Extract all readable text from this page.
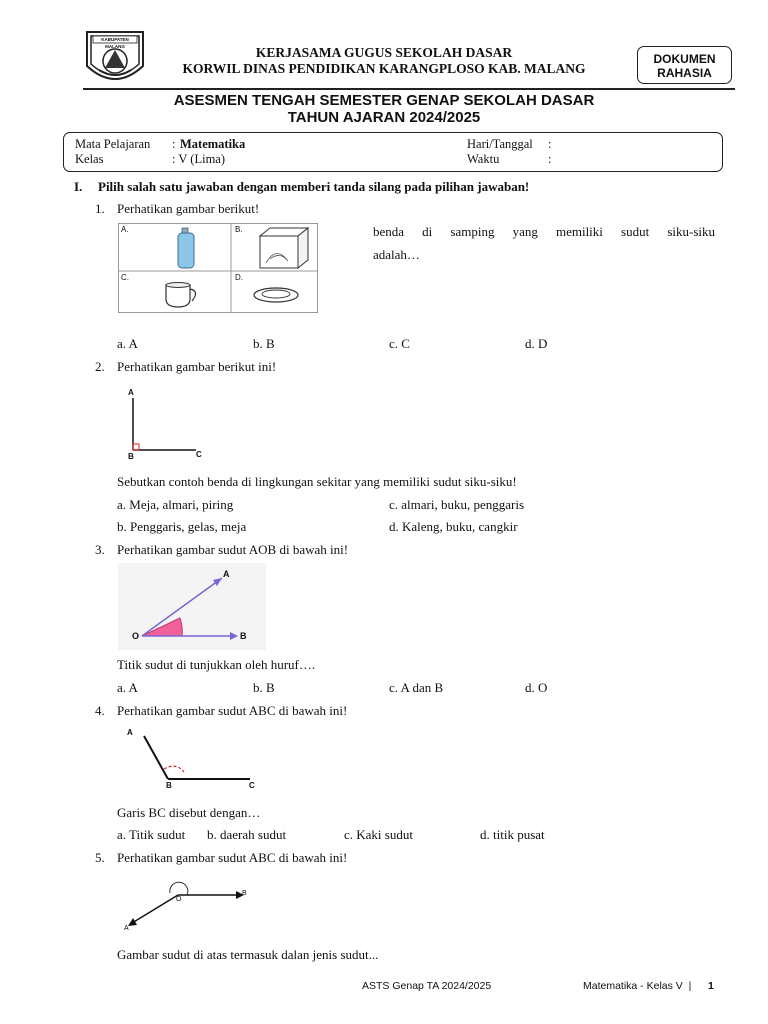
KABUPATEN MALANG	KERJASAMA GUGUS SEKOLAH DASAR
KORWIL DINAS PENDIDIKAN KARANGPLOSO KAB. MALANG
DOKUMEN
RAHASIA
ASESMEN TENGAH SEMESTER GENAP SEKOLAH DASAR
TAHUN AJARAN 2024/2025
Mata Pelajaran : Matematika
Kelas	: V (Lima)
Hari/Tanggal :
Waktu	:
I. Pilih salah satu jawaban dengan memberi tanda silang pada pilihan jawaban!
1. Perhatikan gambar berikut!
A.	B.
C.	D.
benda di samping yang memiliki sudut siku-siku
adalah…
a. A	b. B	c. C	d. D
2. Perhatikan gambar berikut ini!
A
B	C
Sebutkan contoh benda di lingkungan sekitar yang memiliki sudut siku-siku!
a. Meja, almari, piring	c. almari, buku, penggaris
b. Penggaris, gelas, meja	d. Kaleng, buku, cangkir
3. Perhatikan gambar sudut AOB di bawah ini!
A
O	B
Titik sudut di tunjukkan oleh huruf….
a. A	b. B	c. A dan B	d. O
4. Perhatikan gambar sudut ABC di bawah ini!
A
B	C
Garis BC disebut dengan…
a. Titik sudut b. daerah sudut	c. Kaki sudut	d. titik pusat
5. Perhatikan gambar sudut ABC di bawah ini!
O
B
A
Gambar sudut di atas termasuk dalan jenis sudut...
ASTS Genap TA 2024/2025	Matematika - Kelas V  | 1
